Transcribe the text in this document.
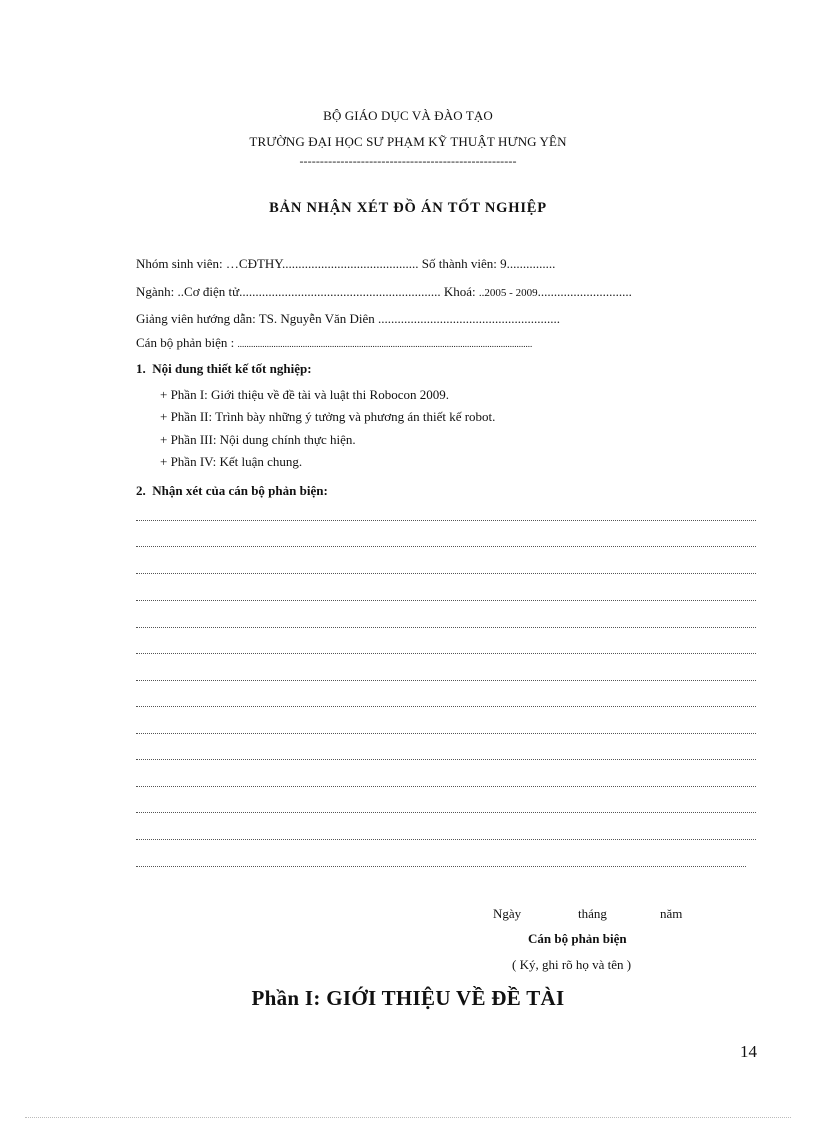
BỘ GIÁO DỤC VÀ ĐÀO TẠO
TRƯỜNG ĐẠI HỌC SƯ PHẠM KỸ THUẬT HƯNG YÊN
-----------------------------------------------------
BẢN NHẬN XÉT ĐỒ ÁN TỐT NGHIỆP
Nhóm sinh viên: …CĐTHY.......................................... Số thành viên: 9...............
Ngành: ..Cơ điện tử.............................................................. Khoá: ..2005 - 2009.............................
Giảng viên hướng dẫn: TS. Nguyễn Văn Diên ........................................................
Cán bộ phản biện : ...................................................................................................................................
1. Nội dung thiết kế tốt nghiệp:
+ Phần I: Giới thiệu về đề tài và luật thi Robocon 2009.
+ Phần II: Trình bày những ý tưởng và phương án thiết kế robot.
+ Phần III: Nội dung chính thực hiện.
+ Phần IV: Kết luận chung.
2. Nhận xét của cán bộ phản biện:
Ngày	tháng	năm
Cán bộ phản biện
( Ký, ghi rõ họ và tên )
Phần I: GIỚI THIỆU VỀ ĐỀ TÀI
14
